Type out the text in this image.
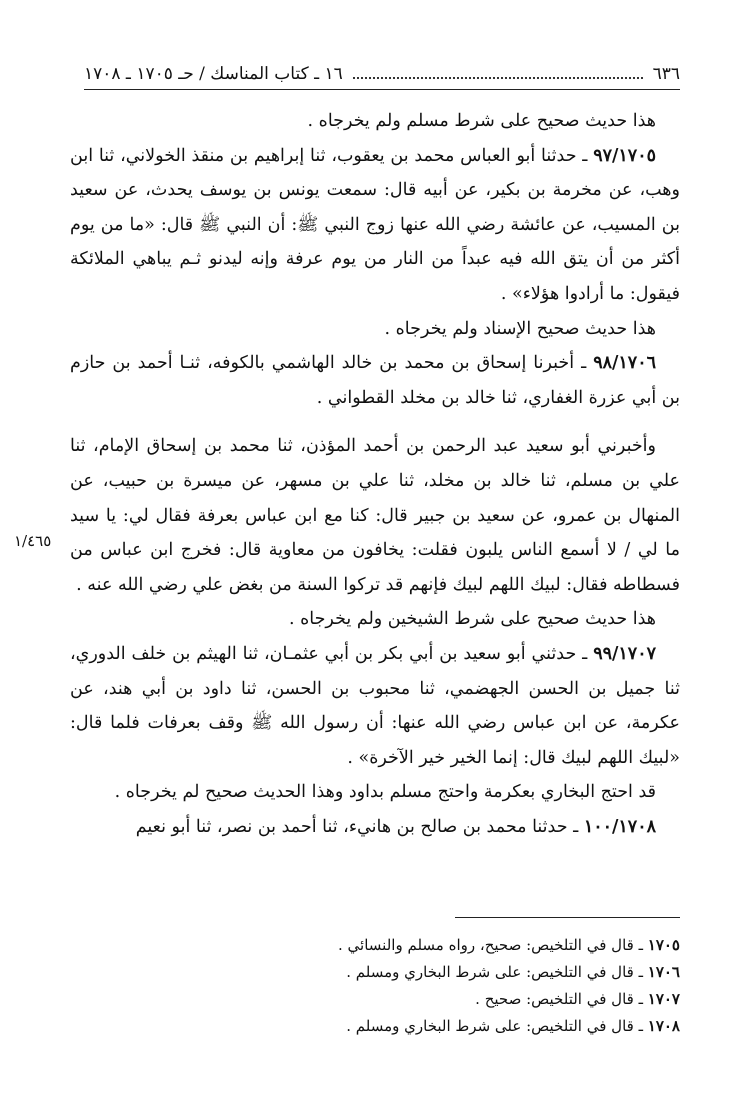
٦٣٦
١٦ ـ كتاب المناسك / حـ ١٧٠٥ ـ ١٧٠٨
١/٤٦٥

هذا حديث صحيح على شرط مسلم ولم يخرجاه .

٩٧/١٧٠٥ ـ حدثنا أبو العباس محمد بن يعقوب، ثنا إبراهيم بن منقذ الخولاني، ثنا ابن وهب، عن مخرمة بن بكير، عن أبيه قال: سمعت يونس بن يوسف يحدث، عن سعيد بن المسيب، عن عائشة رضي الله عنها زوج النبي ﷺ: أن النبي ﷺ قال: «ما من يوم أكثر من أن يتق الله فيه عبداً من النار من يوم عرفة وإنه ليدنو ثـم يباهي الملائكة فيقول: ما أرادوا هؤلاء» .

هذا حديث صحيح الإسناد ولم يخرجاه .

٩٨/١٧٠٦ ـ أخبرنا إسحاق بن محمد بن خالد الهاشمي بالكوفه، ثنـا أحمد بن حازم بن أبي عزرة الغفاري، ثنا خالد بن مخلد القطواني .

وأخبرني أبو سعيد عبد الرحمن بن أحمد المؤذن، ثنا محمد بن إسحاق الإمام، ثنا علي بن مسلم، ثنا خالد بن مخلد، ثنا علي بن مسهر، عن ميسرة بن حبيب، عن المنهال بن عمرو، عن سعيد بن جبير قال: كنا مع ابن عباس بعرفة فقال لي: يا سيد ما لي / لا أسمع الناس يلبون فقلت: يخافون من معاوية قال: فخرج ابن عباس من فسطاطه فقال: لبيك اللهم لبيك فإنهم قد تركوا السنة من بغض علي رضي الله عنه .

هذا حديث صحيح على شرط الشيخين ولم يخرجاه .

٩٩/١٧٠٧ ـ حدثني أبو سعيد بن أبي بكر بن أبي عثمـان، ثنا الهيثم بن خلف الدوري، ثنا جميل بن الحسن الجهضمي، ثنا محبوب بن الحسن، ثنا داود بن أبي هند، عن عكرمة، عن ابن عباس رضي الله عنها: أن رسول الله ﷺ وقف بعرفات فلما قال: «لبيك اللهم لبيك قال: إنما الخير خير الآخرة» .

قد احتج البخاري بعكرمة واحتج مسلم بداود وهذا الحديث صحيح لم يخرجاه .

١٠٠/١٧٠٨ ـ حدثنا محمد بن صالح بن هانيء، ثنا أحمد بن نصر، ثنا أبو نعيم

١٧٠٥ ـ قال في التلخيص: صحيح، رواه مسلم والنسائي .
١٧٠٦ ـ قال في التلخيص: على شرط البخاري ومسلم .
١٧٠٧ ـ قال في التلخيص: صحيح .
١٧٠٨ ـ قال في التلخيص: على شرط البخاري ومسلم .
